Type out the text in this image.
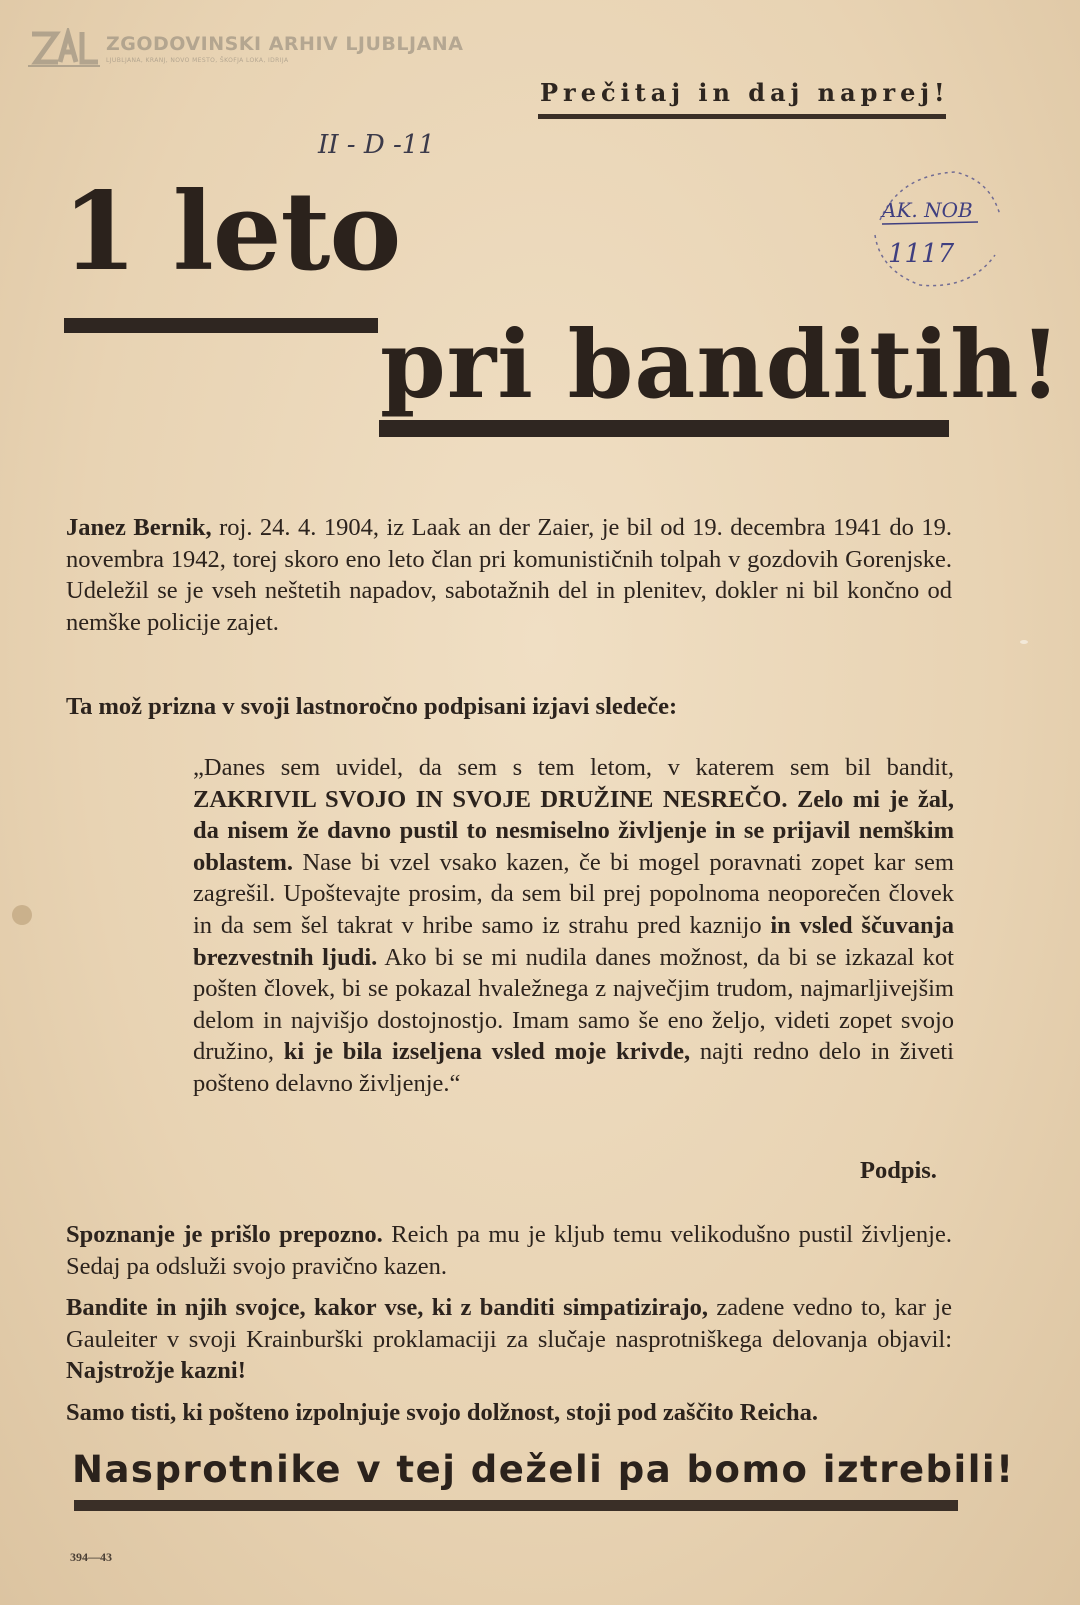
ZGODOVINSKI ARHIV LJUBLJANA
LJUBLJANA, KRANJ, NOVO MESTO, ŠKOFJA LOKA, IDRIJA
Prečitaj in daj naprej!
II - D -11
AK. NOB
1117
1 leto
pri banditih!
Janez Bernik, roj. 24. 4. 1904, iz Laak an der Zaier, je bil od 19. decembra 1941 do 19. novembra 1942, torej skoro eno leto član pri komunističnih tolpah v gozdovih Gorenjske. Udeležil se je vseh neštetih napadov, sabotažnih del in plenitev, dokler ni bil končno od nemške policije zajet.
Ta mož prizna v svoji lastnoročno podpisani izjavi sledeče:
„Danes sem uvidel, da sem s tem letom, v katerem sem bil bandit, ZAKRIVIL SVOJO IN SVOJE DRUŽINE NESREČO. Zelo mi je žal, da nisem že davno pustil to nesmiselno življenje in se prijavil nemškim oblastem. Nase bi vzel vsako kazen, če bi mogel poravnati zopet kar sem zagrešil. Upoštevajte prosim, da sem bil prej popolnoma neoporečen človek in da sem šel takrat v hribe samo iz strahu pred kaznijo in vsled ščuvanja brezvestnih ljudi. Ako bi se mi nudila danes možnost, da bi se izkazal kot pošten človek, bi se pokazal hvaležnega z največjim trudom, najmarljivejšim delom in najvišjo dostojnostjo. Imam samo še eno željo, videti zopet svojo družino, ki je bila izseljena vsled moje krivde, najti redno delo in živeti pošteno delavno življenje.“
Podpis.
Spoznanje je prišlo prepozno. Reich pa mu je kljub temu velikodušno pustil življenje. Sedaj pa odsluži svojo pravično kazen.
Bandite in njih svojce, kakor vse, ki z banditi simpatizirajo, zadene vedno to, kar je Gauleiter v svoji Krainburški proklamaciji za slučaje nasprotniškega delovanja objavil: Najstrožje kazni!
Samo tisti, ki pošteno izpolnjuje svojo dolžnost, stoji pod zaščito Reicha.
Nasprotnike v tej deželi pa bomo iztrebili!
394—43
